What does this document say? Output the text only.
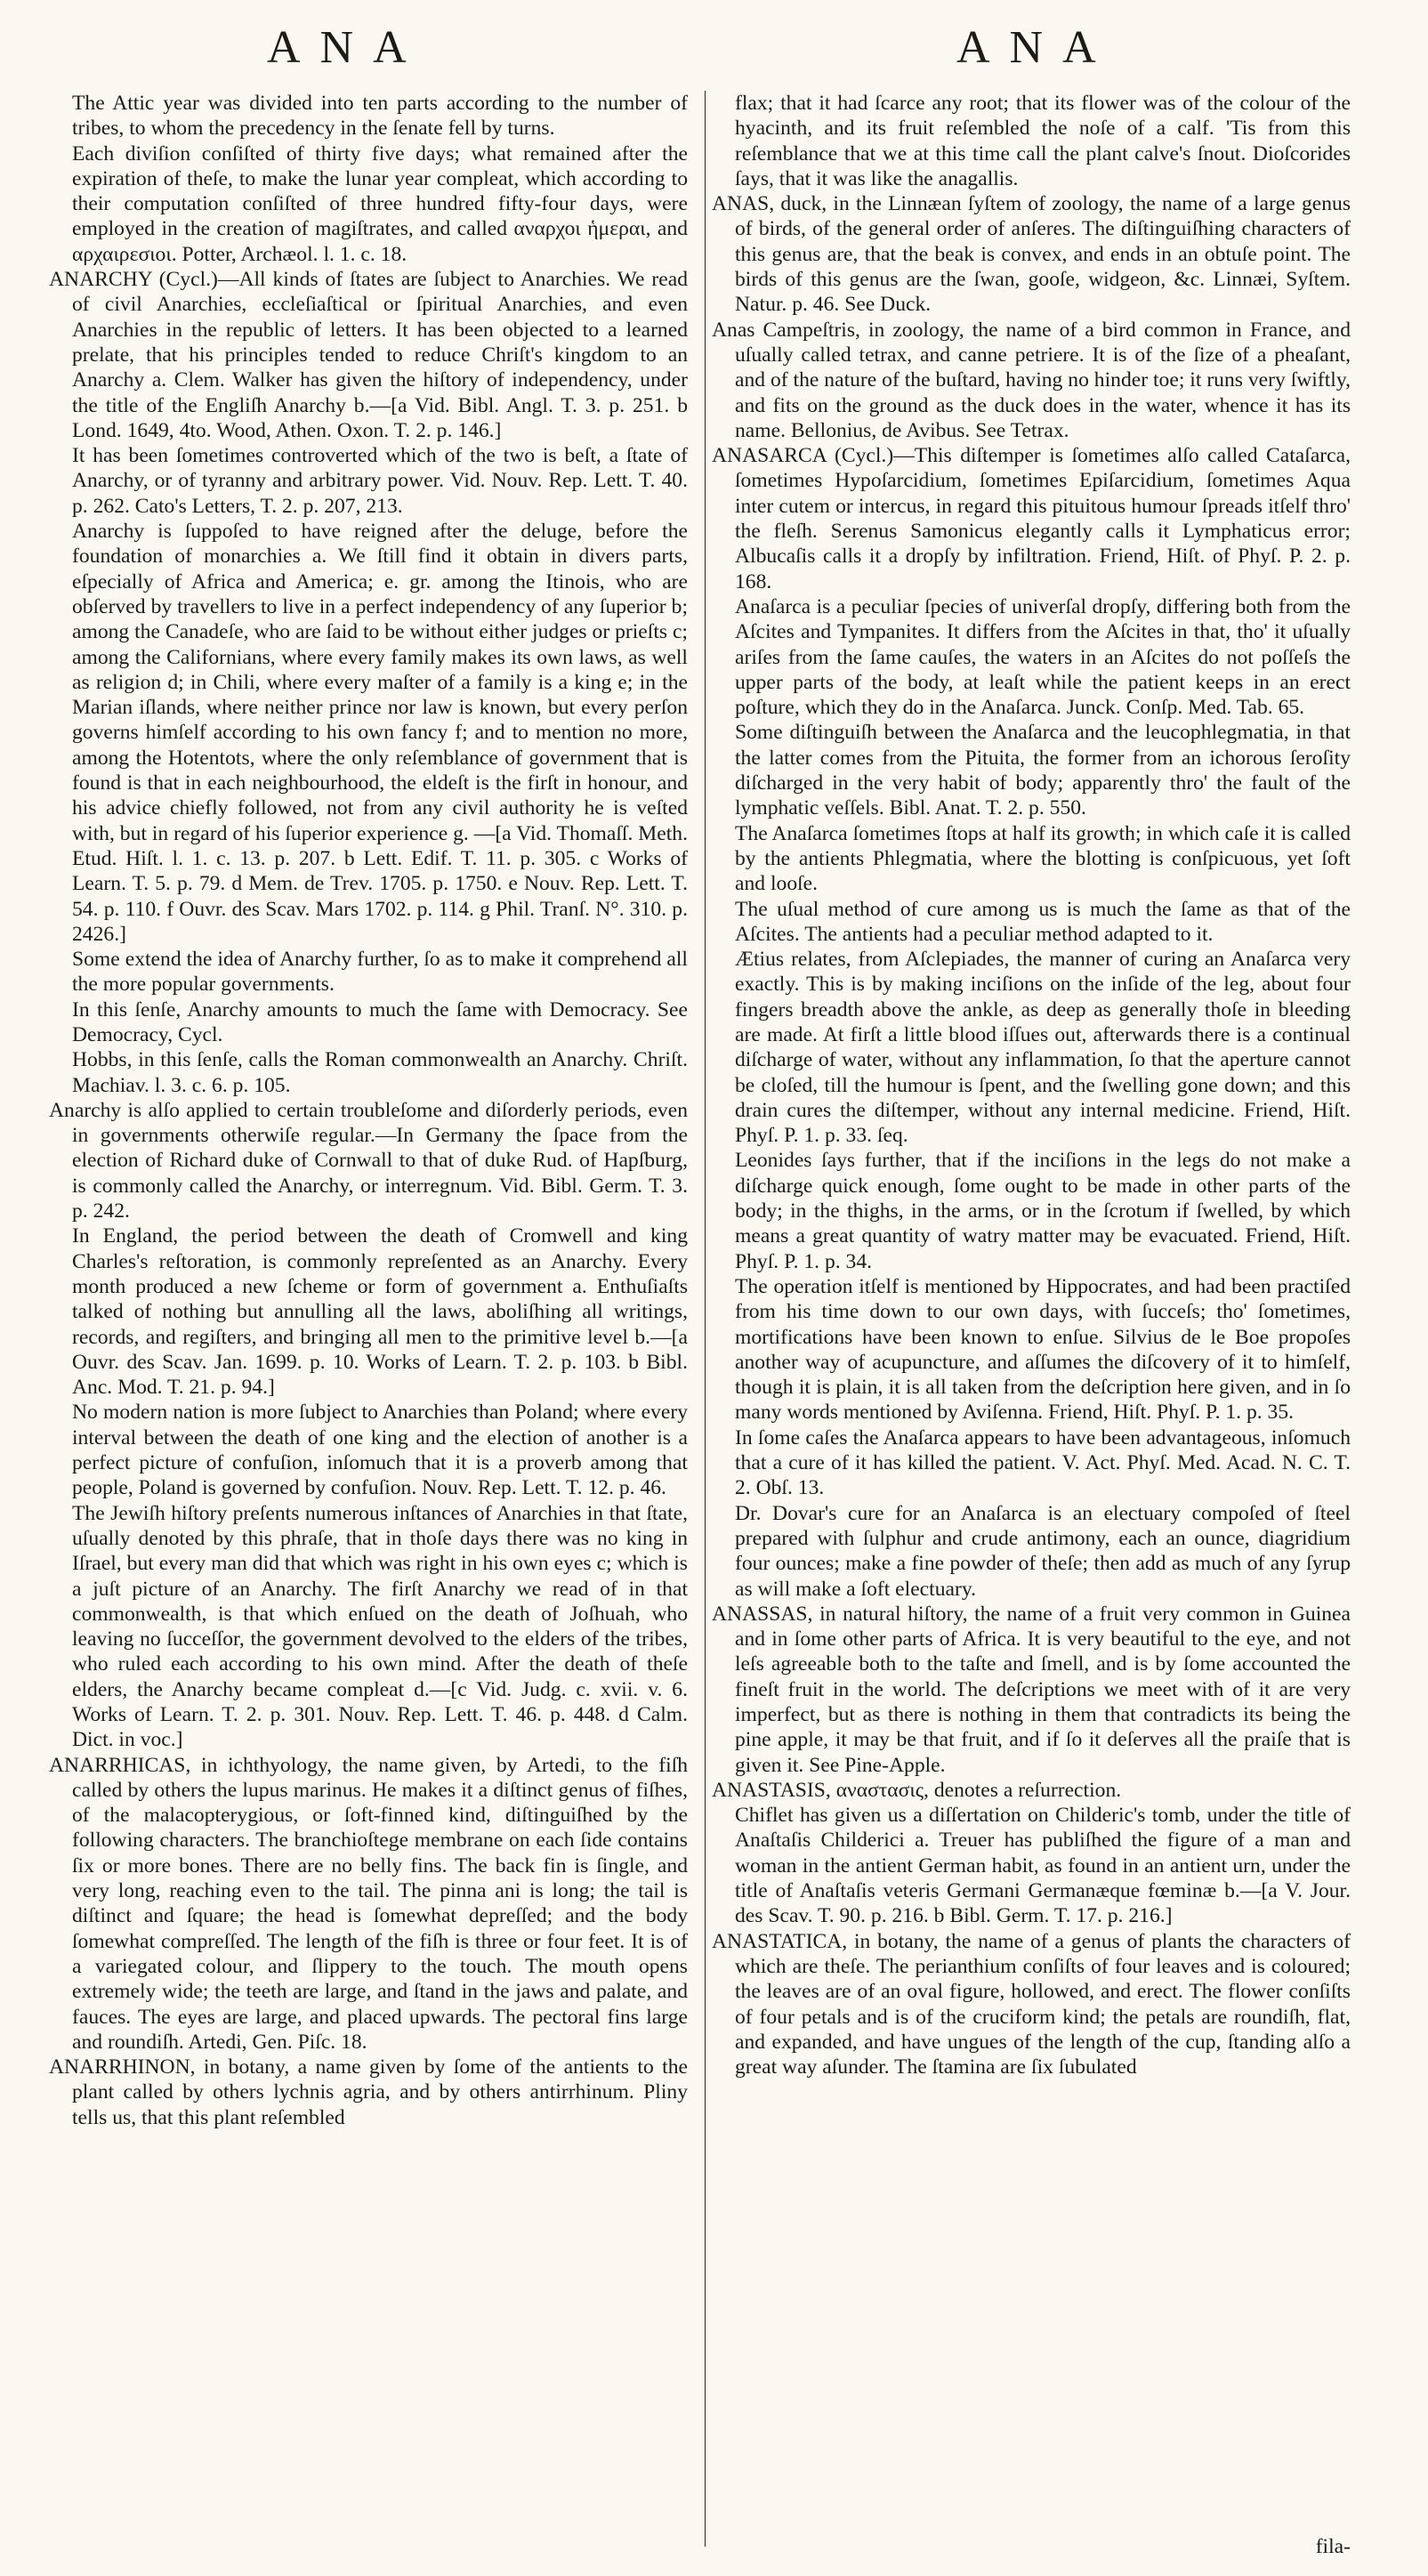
ANA	ANA

The Attic year was divided into ten parts according to the number of tribes, to whom the precedency in the ſenate fell by turns.

Each diviſion conſiſted of thirty five days; what remained after the expiration of theſe, to make the lunar year compleat, which according to their computation conſiſted of three hundred fifty-four days, were employed in the creation of magiſtrates, and called αναρχοι ἡμεραι, and αρχαιρεσιοι. Potter, Archæol. l. 1. c. 18.

ANARCHY (Cycl.)—All kinds of ſtates are ſubject to Anarchies. We read of civil Anarchies, eccleſiaſtical or ſpiritual Anarchies, and even Anarchies in the republic of letters. It has been objected to a learned prelate, that his principles tended to reduce Chriſt's kingdom to an Anarchy a. Clem. Walker has given the hiſtory of independency, under the title of the Engliſh Anarchy b.—[a Vid. Bibl. Angl. T. 3. p. 251. b Lond. 1649, 4to. Wood, Athen. Oxon. T. 2. p. 146.]

It has been ſometimes controverted which of the two is beſt, a ſtate of Anarchy, or of tyranny and arbitrary power. Vid. Nouv. Rep. Lett. T. 40. p. 262. Cato's Letters, T. 2. p. 207, 213.

Anarchy is ſuppoſed to have reigned after the deluge, before the foundation of monarchies a. We ſtill find it obtain in divers parts, eſpecially of Africa and America; e. gr. among the Itinois, who are obſerved by travellers to live in a perfect independency of any ſuperior b; among the Canadeſe, who are ſaid to be without either judges or prieſts c; among the Californians, where every family makes its own laws, as well as religion d; in Chili, where every maſter of a family is a king e; in the Marian iſlands, where neither prince nor law is known, but every perſon governs himſelf according to his own fancy f; and to mention no more, among the Hotentots, where the only reſemblance of government that is found is that in each neighbourhood, the eldeſt is the firſt in honour, and his advice chiefly followed, not from any civil authority he is veſted with, but in regard of his ſuperior experience g. —[a Vid. Thomaſſ. Meth. Etud. Hiſt. l. 1. c. 13. p. 207. b Lett. Edif. T. 11. p. 305. c Works of Learn. T. 5. p. 79. d Mem. de Trev. 1705. p. 1750. e Nouv. Rep. Lett. T. 54. p. 110. f Ouvr. des Scav. Mars 1702. p. 114. g Phil. Tranſ. N°. 310. p. 2426.]

Some extend the idea of Anarchy further, ſo as to make it comprehend all the more popular governments.

In this ſenſe, Anarchy amounts to much the ſame with Democracy. See Democracy, Cycl.

Hobbs, in this ſenſe, calls the Roman commonwealth an Anarchy. Chriſt. Machiav. l. 3. c. 6. p. 105.

Anarchy is alſo applied to certain troubleſome and diſorderly periods, even in governments otherwiſe regular.—In Germany the ſpace from the election of Richard duke of Cornwall to that of duke Rud. of Hapſburg, is commonly called the Anarchy, or interregnum. Vid. Bibl. Germ. T. 3. p. 242.

In England, the period between the death of Cromwell and king Charles's reſtoration, is commonly repreſented as an Anarchy. Every month produced a new ſcheme or form of government a. Enthuſiaſts talked of nothing but annulling all the laws, aboliſhing all writings, records, and regiſters, and bringing all men to the primitive level b.—[a Ouvr. des Scav. Jan. 1699. p. 10. Works of Learn. T. 2. p. 103. b Bibl. Anc. Mod. T. 21. p. 94.]

No modern nation is more ſubject to Anarchies than Poland; where every interval between the death of one king and the election of another is a perfect picture of confuſion, inſomuch that it is a proverb among that people, Poland is governed by confuſion. Nouv. Rep. Lett. T. 12. p. 46.

The Jewiſh hiſtory preſents numerous inſtances of Anarchies in that ſtate, uſually denoted by this phraſe, that in thoſe days there was no king in Iſrael, but every man did that which was right in his own eyes c; which is a juſt picture of an Anarchy. The firſt Anarchy we read of in that commonwealth, is that which enſued on the death of Joſhuah, who leaving no ſucceſſor, the government devolved to the elders of the tribes, who ruled each according to his own mind. After the death of theſe elders, the Anarchy became compleat d.—[c Vid. Judg. c. xvii. v. 6. Works of Learn. T. 2. p. 301. Nouv. Rep. Lett. T. 46. p. 448. d Calm. Dict. in voc.]

ANARRHICAS, in ichthyology, the name given, by Artedi, to the fiſh called by others the lupus marinus. He makes it a diſtinct genus of fiſhes, of the malacopterygious, or ſoft-finned kind, diſtinguiſhed by the following characters. The branchioſtege membrane on each ſide contains ſix or more bones. There are no belly fins. The back fin is ſingle, and very long, reaching even to the tail. The pinna ani is long; the tail is diſtinct and ſquare; the head is ſomewhat depreſſed; and the body ſomewhat compreſſed. The length of the fiſh is three or four feet. It is of a variegated colour, and ſlippery to the touch. The mouth opens extremely wide; the teeth are large, and ſtand in the jaws and palate, and fauces. The eyes are large, and placed upwards. The pectoral fins large and roundiſh. Artedi, Gen. Piſc. 18.

ANARRHINON, in botany, a name given by ſome of the antients to the plant called by others lychnis agria, and by others antirrhinum. Pliny tells us, that this plant reſembled

flax; that it had ſcarce any root; that its flower was of the colour of the hyacinth, and its fruit reſembled the noſe of a calf. 'Tis from this reſemblance that we at this time call the plant calve's ſnout. Dioſcorides ſays, that it was like the anagallis.

ANAS, duck, in the Linnæan ſyſtem of zoology, the name of a large genus of birds, of the general order of anſeres. The diſtinguiſhing characters of this genus are, that the beak is convex, and ends in an obtuſe point. The birds of this genus are the ſwan, gooſe, widgeon, &c. Linnæi, Syſtem. Natur. p. 46. See Duck.

Anas Campeſtris, in zoology, the name of a bird common in France, and uſually called tetrax, and canne petriere. It is of the ſize of a pheaſant, and of the nature of the buſtard, having no hinder toe; it runs very ſwiftly, and fits on the ground as the duck does in the water, whence it has its name. Bellonius, de Avibus. See Tetrax.

ANASARCA (Cycl.)—This diſtemper is ſometimes alſo called Cataſarca, ſometimes Hypoſarcidium, ſometimes Epiſarcidium, ſometimes Aqua inter cutem or intercus, in regard this pituitous humour ſpreads itſelf thro' the fleſh. Serenus Samonicus elegantly calls it Lymphaticus error; Albucaſis calls it a dropſy by infiltration. Friend, Hiſt. of Phyſ. P. 2. p. 168.

Anaſarca is a peculiar ſpecies of univerſal dropſy, differing both from the Aſcites and Tympanites. It differs from the Aſcites in that, tho' it uſually ariſes from the ſame cauſes, the waters in an Aſcites do not poſſeſs the upper parts of the body, at leaſt while the patient keeps in an erect poſture, which they do in the Anaſarca. Junck. Conſp. Med. Tab. 65.

Some diſtinguiſh between the Anaſarca and the leucophlegmatia, in that the latter comes from the Pituita, the former from an ichorous ſeroſity diſcharged in the very habit of body; apparently thro' the fault of the lymphatic veſſels. Bibl. Anat. T. 2. p. 550.

The Anaſarca ſometimes ſtops at half its growth; in which caſe it is called by the antients Phlegmatia, where the blotting is conſpicuous, yet ſoft and looſe.

The uſual method of cure among us is much the ſame as that of the Aſcites. The antients had a peculiar method adapted to it.

Ætius relates, from Aſclepiades, the manner of curing an Anaſarca very exactly. This is by making inciſions on the inſide of the leg, about four fingers breadth above the ankle, as deep as generally thoſe in bleeding are made. At firſt a little blood iſſues out, afterwards there is a continual diſcharge of water, without any inflammation, ſo that the aperture cannot be cloſed, till the humour is ſpent, and the ſwelling gone down; and this drain cures the diſtemper, without any internal medicine. Friend, Hiſt. Phyſ. P. 1. p. 33. ſeq.

Leonides ſays further, that if the inciſions in the legs do not make a diſcharge quick enough, ſome ought to be made in other parts of the body; in the thighs, in the arms, or in the ſcrotum if ſwelled, by which means a great quantity of watry matter may be evacuated. Friend, Hiſt. Phyſ. P. 1. p. 34.

The operation itſelf is mentioned by Hippocrates, and had been practiſed from his time down to our own days, with ſucceſs; tho' ſometimes, mortifications have been known to enſue. Silvius de le Boe propoſes another way of acupuncture, and aſſumes the diſcovery of it to himſelf, though it is plain, it is all taken from the deſcription here given, and in ſo many words mentioned by Aviſenna. Friend, Hiſt. Phyſ. P. 1. p. 35.

In ſome caſes the Anaſarca appears to have been advantageous, inſomuch that a cure of it has killed the patient. V. Act. Phyſ. Med. Acad. N. C. T. 2. Obſ. 13.

Dr. Dovar's cure for an Anaſarca is an electuary compoſed of ſteel prepared with ſulphur and crude antimony, each an ounce, diagridium four ounces; make a fine powder of theſe; then add as much of any ſyrup as will make a ſoft electuary.

ANASSAS, in natural hiſtory, the name of a fruit very common in Guinea and in ſome other parts of Africa. It is very beautiful to the eye, and not leſs agreeable both to the taſte and ſmell, and is by ſome accounted the fineſt fruit in the world. The deſcriptions we meet with of it are very imperfect, but as there is nothing in them that contradicts its being the pine apple, it may be that fruit, and if ſo it deſerves all the praiſe that is given it. See Pine-Apple.

ANASTASIS, αναστασις, denotes a reſurrection.

Chiflet has given us a diſſertation on Childeric's tomb, under the title of Anaſtaſis Childerici a. Treuer has publiſhed the figure of a man and woman in the antient German habit, as found in an antient urn, under the title of Anaſtaſis veteris Germani Germanæque fœminæ b.—[a V. Jour. des Scav. T. 90. p. 216. b Bibl. Germ. T. 17. p. 216.]

ANASTATICA, in botany, the name of a genus of plants the characters of which are theſe. The perianthium conſiſts of four leaves and is coloured; the leaves are of an oval figure, hollowed, and erect. The flower conſiſts of four petals and is of the cruciform kind; the petals are roundiſh, flat, and expanded, and have ungues of the length of the cup, ſtanding alſo a great way aſunder. The ſtamina are ſix ſubulated

fila-
